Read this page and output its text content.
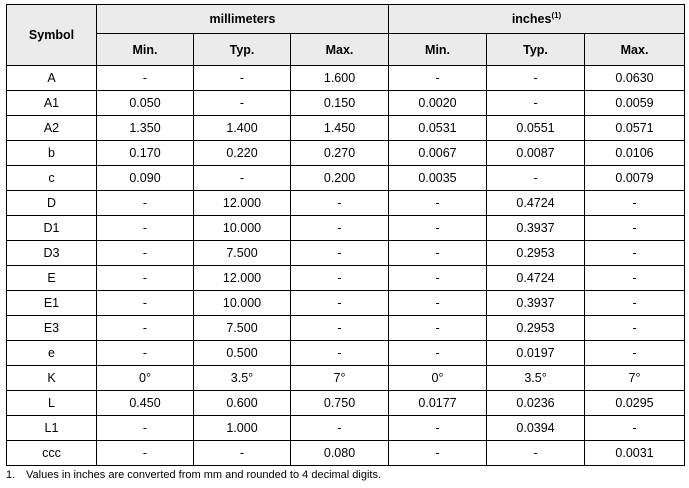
Symbol	millimeters			inches$^{(1)}$
	Min.	Typ.	Max.	Min.	Typ.	Max.
A	-	-	1.600	-	-	0.0630
A1	0.050	-	0.150	0.0020	-	0.0059
A2	1.350	1.400	1.450	0.0531	0.0551	0.0571
b	0.170	0.220	0.270	0.0067	0.0087	0.0106
c	0.090	-	0.200	0.0035	-	0.0079
D	-	12.000	-	-	0.4724	-
D1	-	10.000	-	-	0.3937	-
D3	-	7.500	-	-	0.2953	-
E	-	12.000	-	-	0.4724	-
E1	-	10.000	-	-	0.3937	-
E3	-	7.500	-	-	0.2953	-
e	-	0.500	-	-	0.0197	-
K	0°	3.5°	7°	0°	3.5°	7°
L	0.450	0.600	0.750	0.0177	0.0236	0.0295
L1	-	1.000	-	-	0.0394	-
ccc	-	-	0.080	-	-	0.0031
1. Values in inches are converted from mm and rounded to 4 decimal digits.
